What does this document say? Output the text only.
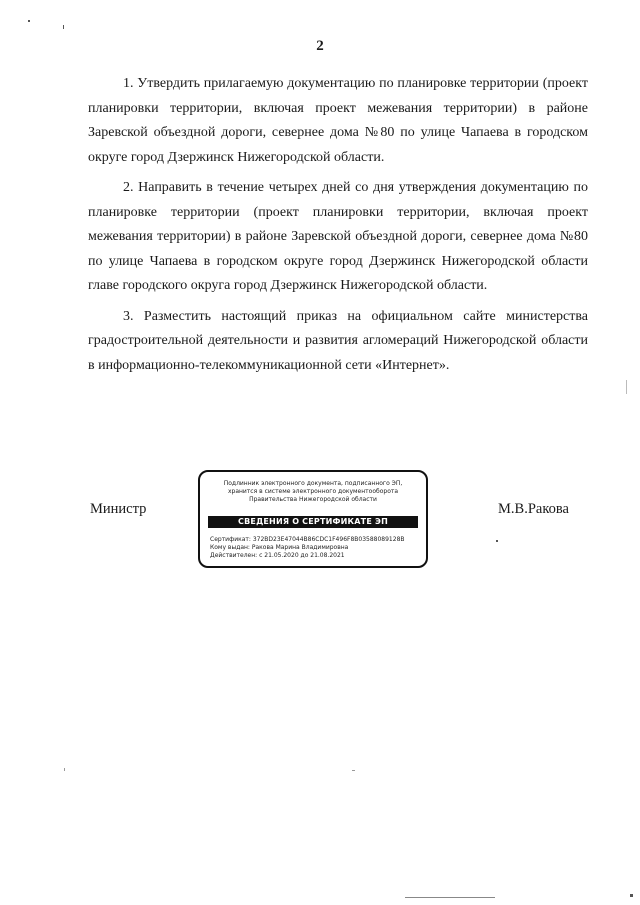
2

1. Утвердить прилагаемую документацию по планировке территории (проект планировки территории, включая проект межевания территории) в районе Заревской объездной дороги, севернее дома №80 по улице Чапаева в городском округе город Дзержинск Нижегородской области.

2. Направить в течение четырех дней со дня утверждения документацию по планировке территории (проект планировки территории, включая проект межевания территории) в районе Заревской объездной дороги, севернее дома №80 по улице Чапаева в городском округе город Дзержинск Нижегородской области главе городского округа город Дзержинск Нижегородской области.

3. Разместить настоящий приказ на официальном сайте министерства градостроительной деятельности и развития агломераций Нижегородской области в информационно-телекоммуникационной сети «Интернет».

Министр
Подлинник электронного документа, подписанного ЭП,
хранится в системе электронного документооборота
Правительства Нижегородской области
СВЕДЕНИЯ О СЕРТИФИКАТЕ ЭП
Сертификат: 372BD23E47044B86CDC1F496F8B03588089128B
Кому выдан: Ракова Марина Владимировна
Действителен: с 21.05.2020 до 21.08.2021
М.В.Ракова
